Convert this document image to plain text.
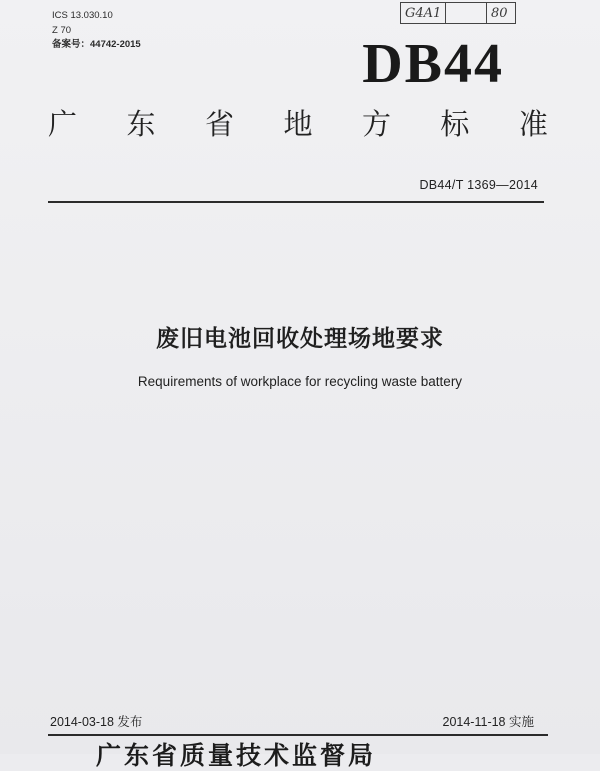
ICS 13.030.10
Z 70
备案号：44742-2015
G4A1	80
DB44
广 东 省 地 方 标 准
DB44/T 1369—2014
废旧电池回收处理场地要求
Requirements of workplace for recycling waste battery
2014-03-18 发布	2014-11-18 实施
广东省质量技术监督局
